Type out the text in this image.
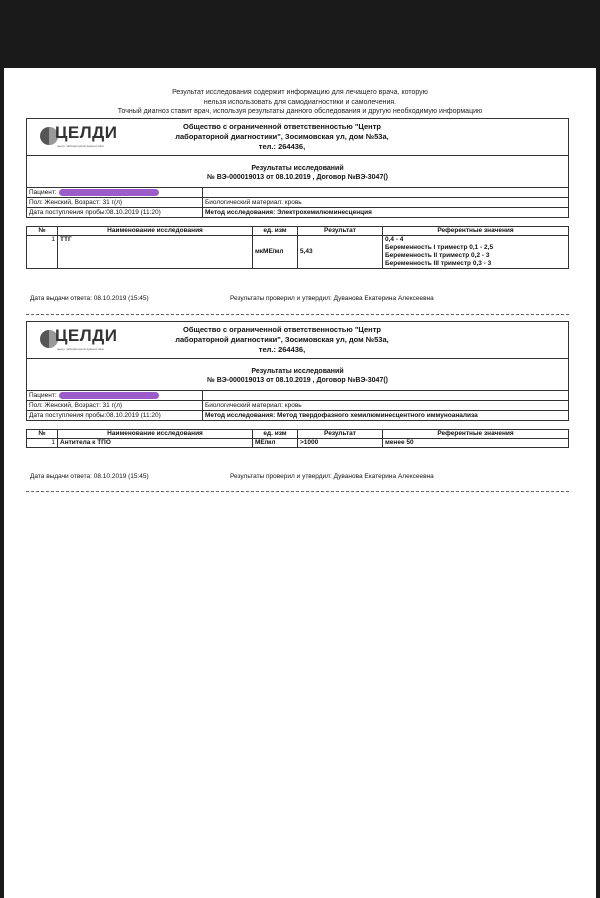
Результат исследования содержит информацию для лечащего врача, которую
нельзя использовать для самодиагностики и самолечения.
Точный диагноз ставит врач, используя результаты данного обследования и другую необходимую информацию
ЦЕЛДИ
центр лабораторной диагностики
Общество с ограниченной ответственностью "Центр
лабораторной диагностики", Зосимовская ул, дом №53а,
тел.: 264436,
Результаты исследований
№ ВЭ-000019013 от 08.10.2019 , Договор №ВЭ-3047()
Пациент:
Пол: Женский, Возраст: 31 г(л)	Биологический материал: кровь
Дата поступления пробы:08.10.2019 (11:20)	Метод исследования: Электрохемилюминесценция
№	Наименование исследования	ед. изм	Результат	Референтные значения
1	ТТГ	мкМЕ/мл	5,43	0,4 - 4
Беременность I триместр 0,1 - 2,5
Беременность II триместр 0,2 - 3
Беременность III триместр 0,3 - 3
Дата выдачи ответа: 08.10.2019 (15:45)	Результаты проверил и утвердил: Дуванова Екатерина Алексеевна
ЦЕЛДИ
центр лабораторной диагностики
Общество с ограниченной ответственностью "Центр
лабораторной диагностики", Зосимовская ул, дом №53а,
тел.: 264436,
Результаты исследований
№ ВЭ-000019013 от 08.10.2019 , Договор №ВЭ-3047()
Пациент:
Пол: Женский, Возраст: 31 г(л)	Биологический материал: кровь
Дата поступления пробы:08.10.2019 (11:20)	Метод исследования: Метод твердофазного хемилюминесцентного иммуноанализа
№	Наименование исследования	ед. изм	Результат	Референтные значения
1	Антитела к ТПО	МЕ/мл	>1000	менее 50
Дата выдачи ответа: 08.10.2019 (15:45)	Результаты проверил и утвердил: Дуванова Екатерина Алексеевна
